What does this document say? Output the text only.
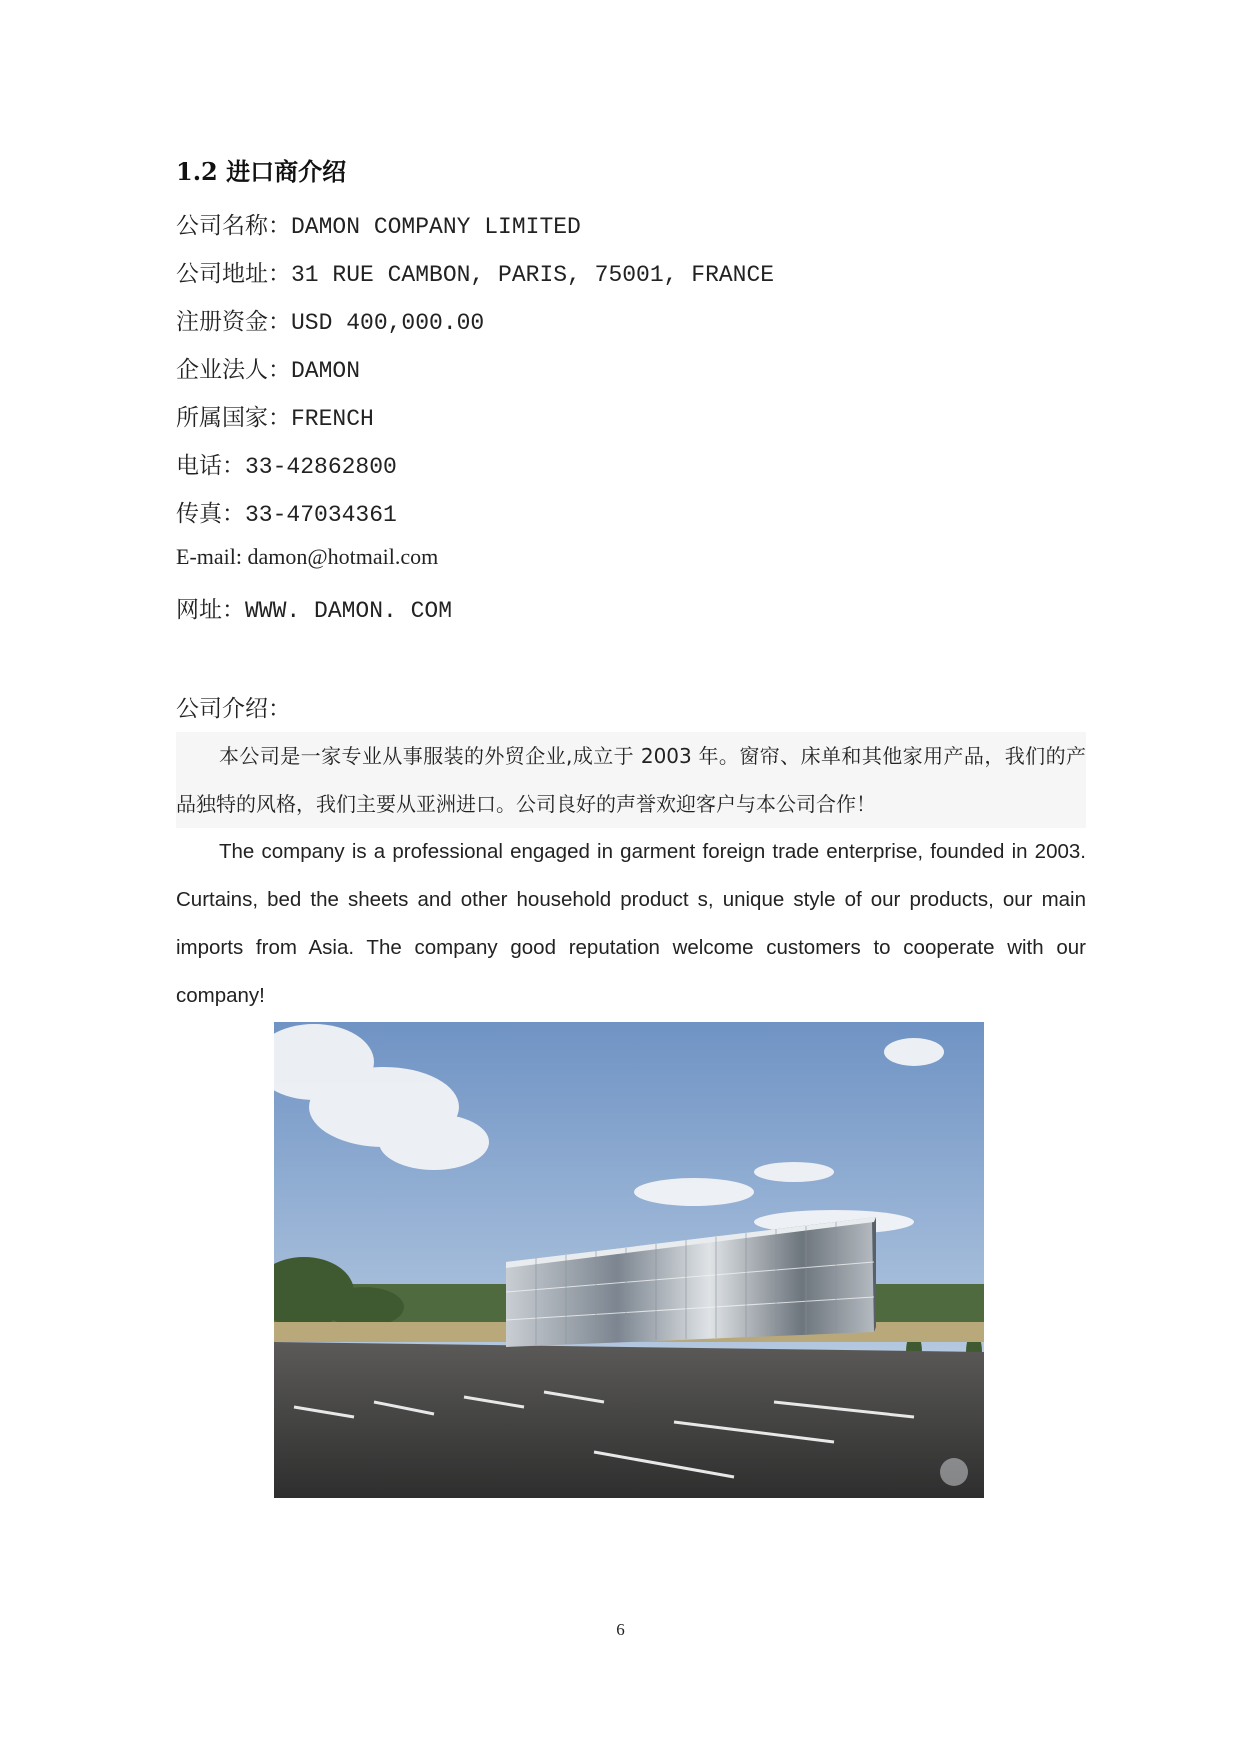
1.2 进口商介绍
公司名称：DAMON COMPANY LIMITED
公司地址：31 RUE CAMBON, PARIS, 75001, FRANCE
注册资金：USD 400,000.00
企业法人：DAMON
所属国家：FRENCH
电话：33-42862800
传真：33-47034361
E-mail: damon@hotmail.com
网址：WWW. DAMON. COM
公司介绍：
本公司是一家专业从事服装的外贸企业,成立于 2003 年。窗帘、床单和其他家用产品，我们的产品独特的风格，我们主要从亚洲进口。公司良好的声誉欢迎客户与本公司合作！
The company is a professional engaged in garment foreign trade enterprise, founded in 2003. Curtains, bed the sheets and other household product s, unique style of our products, our main imports from Asia. The company good reputation welcome customers to cooperate with our company!
6
